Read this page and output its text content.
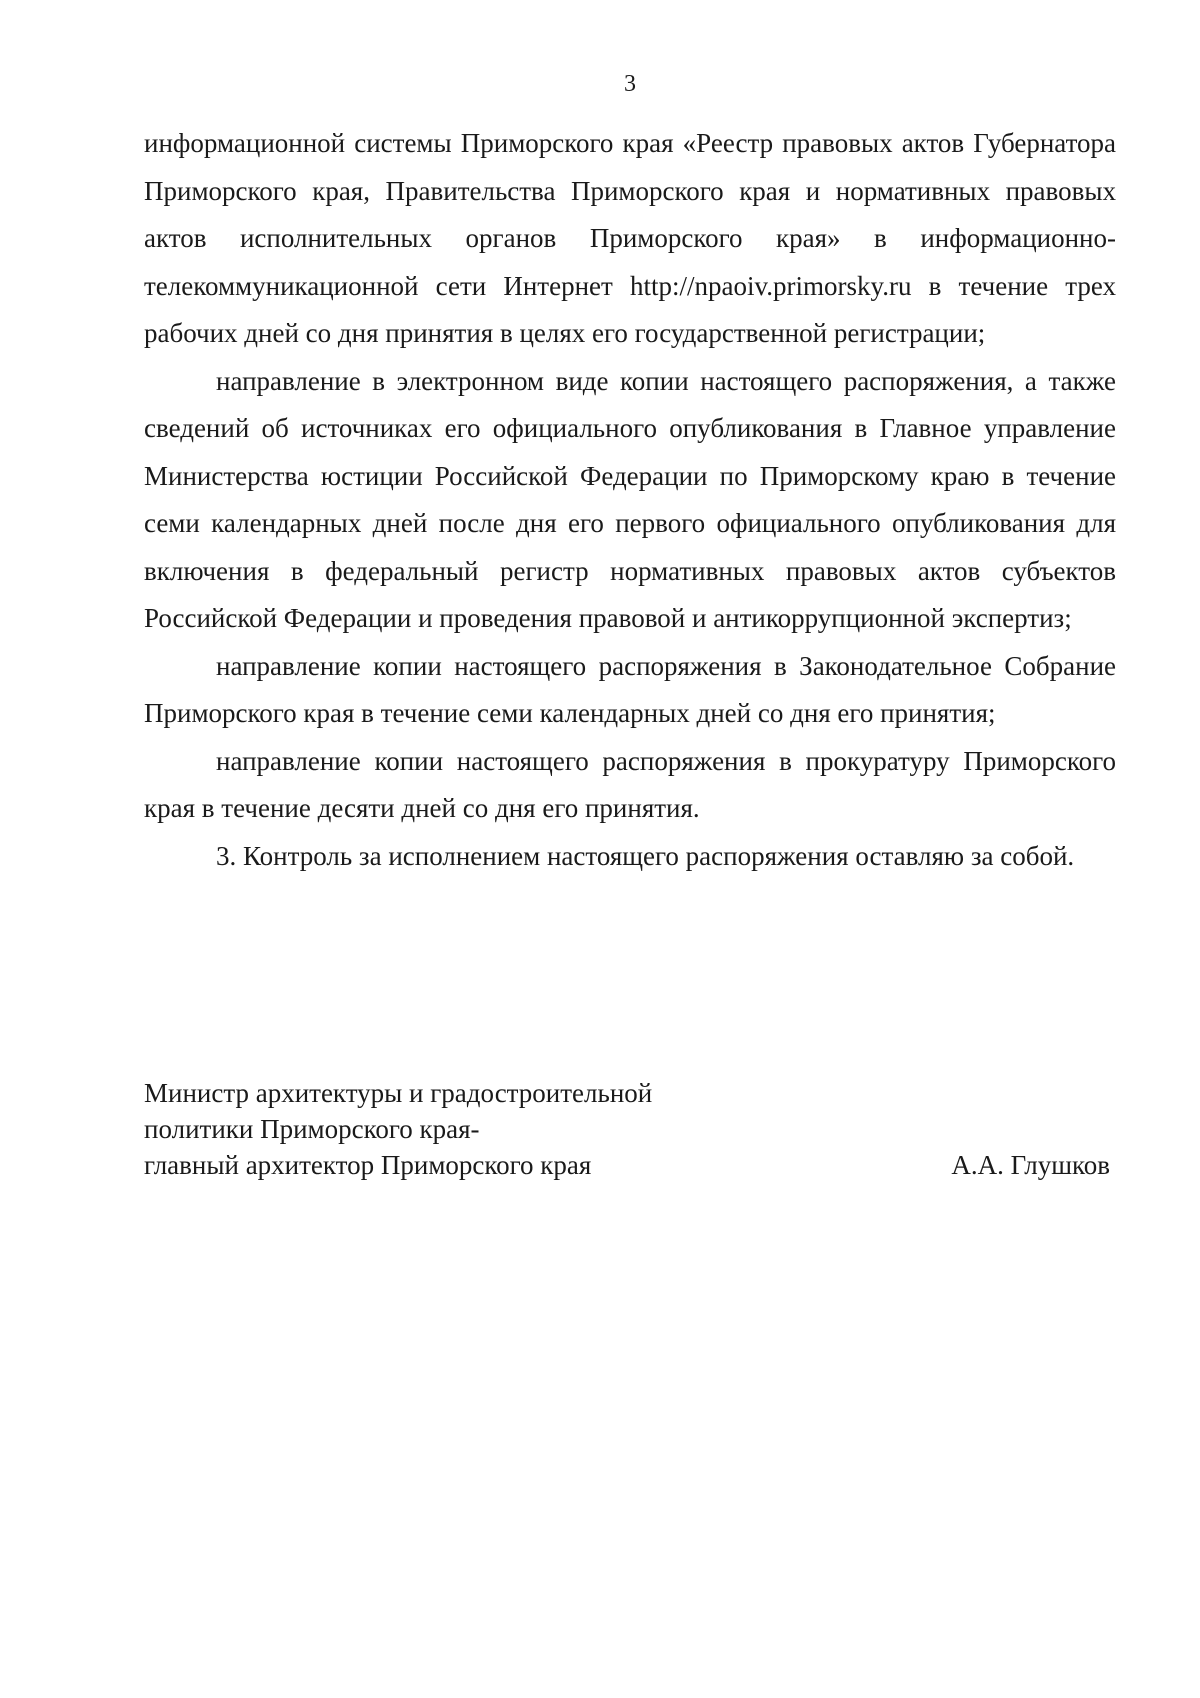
3

информационной системы Приморского края «Реестр правовых актов Губернатора Приморского края, Правительства Приморского края и нормативных правовых актов исполнительных органов Приморского края» в информационно-телекоммуникационной сети Интернет http://npaoiv.primorsky.ru в течение трех рабочих дней со дня принятия в целях его государственной регистрации;

направление в электронном виде копии настоящего распоряжения, а также сведений об источниках его официального опубликования в Главное управление Министерства юстиции Российской Федерации по Приморскому краю в течение семи календарных дней после дня его первого официального опубликования для включения в федеральный регистр нормативных правовых актов субъектов Российской Федерации и проведения правовой и антикоррупционной экспертиз;

направление копии настоящего распоряжения в Законодательное Собрание Приморского края в течение семи календарных дней со дня его принятия;

направление копии настоящего распоряжения в прокуратуру Приморского края в течение десяти дней со дня его принятия.

3. Контроль за исполнением настоящего распоряжения оставляю за собой.

Министр архитектуры и градостроительной
политики Приморского края-
главный архитектор Приморского края	А.А. Глушков
